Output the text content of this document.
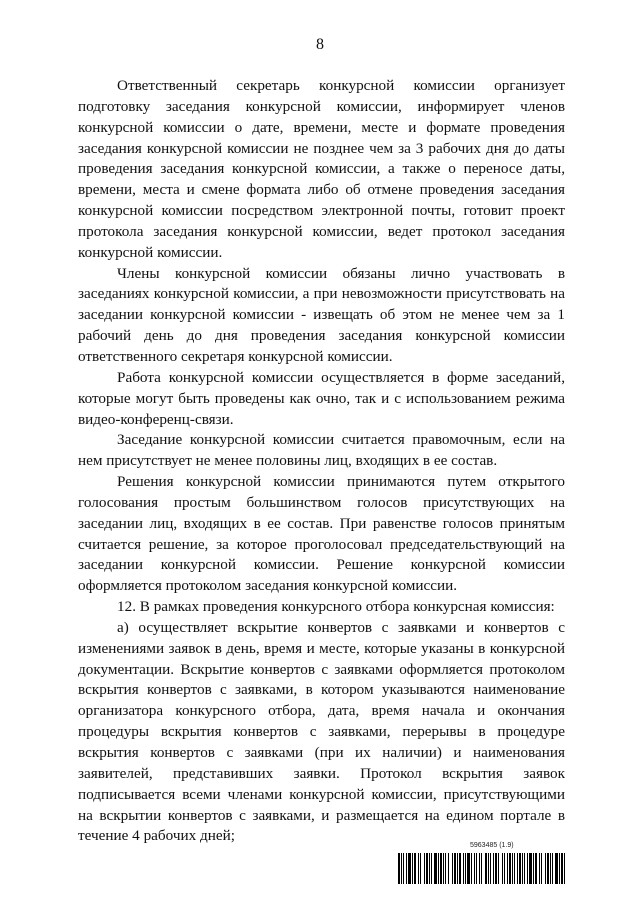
8

Ответственный секретарь конкурсной комиссии организует подготовку заседания конкурсной комиссии, информирует членов конкурсной комиссии о дате, времени, месте и формате проведения заседания конкурсной комиссии не позднее чем за 3 рабочих дня до даты проведения заседания конкурсной комиссии, а также о переносе даты, времени, места и смене формата либо об отмене проведения заседания конкурсной комиссии посредством электронной почты, готовит проект протокола заседания конкурсной комиссии, ведет протокол заседания конкурсной комиссии.

Члены конкурсной комиссии обязаны лично участвовать в заседаниях конкурсной комиссии, а при невозможности присутствовать на заседании конкурсной комиссии - извещать об этом не менее чем за 1 рабочий день до дня проведения заседания конкурсной комиссии ответственного секретаря конкурсной комиссии.

Работа конкурсной комиссии осуществляется в форме заседаний, которые могут быть проведены как очно, так и с использованием режима видео-конференц-связи.

Заседание конкурсной комиссии считается правомочным, если на нем присутствует не менее половины лиц, входящих в ее состав.

Решения конкурсной комиссии принимаются путем открытого голосования простым большинством голосов присутствующих на заседании лиц, входящих в ее состав. При равенстве голосов принятым считается решение, за которое проголосовал председательствующий на заседании конкурсной комиссии. Решение конкурсной комиссии оформляется протоколом заседания конкурсной комиссии.

12. В рамках проведения конкурсного отбора конкурсная комиссия:

а) осуществляет вскрытие конвертов с заявками и конвертов с изменениями заявок в день, время и месте, которые указаны в конкурсной документации. Вскрытие конвертов с заявками оформляется протоколом вскрытия конвертов с заявками, в котором указываются наименование организатора конкурсного отбора, дата, время начала и окончания процедуры вскрытия конвертов с заявками, перерывы в процедуре вскрытия конвертов с заявками (при их наличии) и наименования заявителей, представивших заявки. Протокол вскрытия заявок подписывается всеми членами конкурсной комиссии, присутствующими на вскрытии конвертов с заявками, и размещается на едином портале в течение 4 рабочих дней;

5963485 (1.9)
